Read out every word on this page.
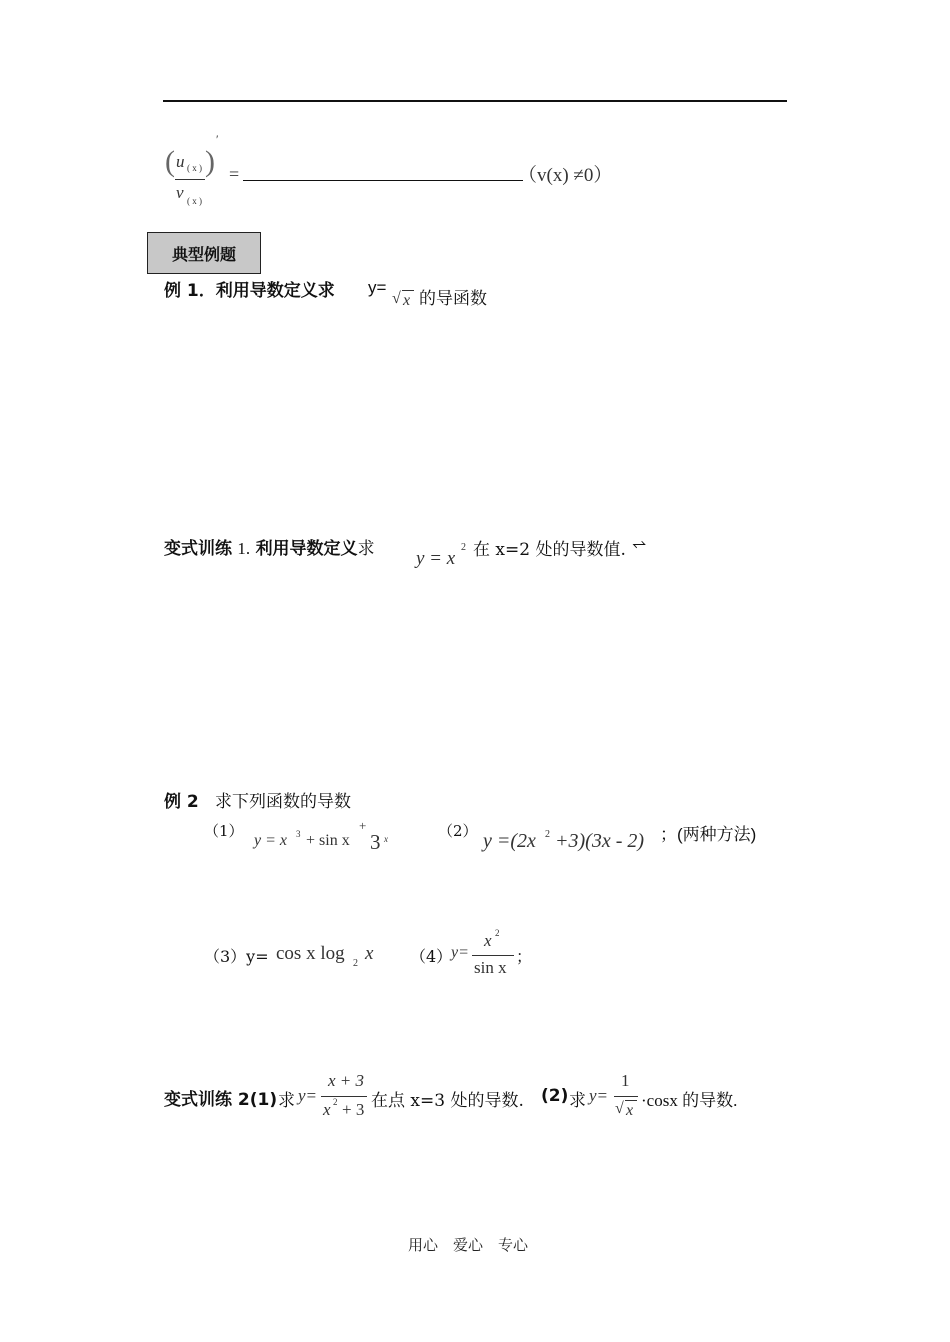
( )
u ( x )
v ( x )
′
=	（v(x) ≠0）
典型例题
例 1．利用导数定义求 y=
√ x 的导函数
变式训练 1. 利用导数定义求 y = x
2 在 x=2 处的导数值. ⥋
例 2 求下列函数的导数
（1）
y = x 3 + sin x
+
3 x	（2） y =(2x 2 +3)(3x - 2) ；(两种方法)
（3）y= cos x log 2 x （4）
y=
x 2
sin x
；
变式训练 2(1) 求 y=
x + 3
x 2 + 3 在点 x=3 处的导数. (2) 求 y=
1
√ x
·cosx 的导数.
用心　爱心　专心
